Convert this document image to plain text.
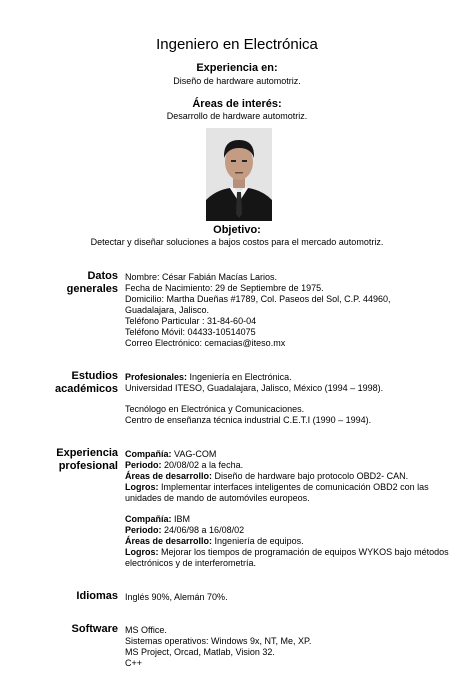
Ingeniero en Electrónica
Experiencia en:
Diseño de hardware automotriz.
Áreas de interés:
Desarrollo de hardware automotriz.
Objetivo:
Detectar y diseñar soluciones a bajos costos para el mercado automotriz.
Datos
generales
Nombre: César Fabián Macías Larios.
Fecha de Nacimiento: 29 de Septiembre de 1975.
Domicilio: Martha Dueñas #1789, Col. Paseos del Sol, C.P. 44960,
Guadalajara, Jalisco.
Teléfono Particular : 31-84-60-04
Teléfono Móvil: 04433-10514075
Correo Electrónico: cemacias@iteso.mx
Estudios
académicos
Profesionales: Ingeniería en Electrónica.
Universidad ITESO, Guadalajara, Jalisco, México (1994 – 1998).
Tecnólogo en Electrónica y Comunicaciones.
Centro de enseñanza técnica industrial C.E.T.I (1990 – 1994).
Experiencia
profesional
Compañía: VAG-COM
Periodo: 20/08/02 a la fecha.
Áreas de desarrollo: Diseño de hardware bajo protocolo OBD2- CAN.
Logros: Implementar interfaces inteligentes de comunicación OBD2 con las unidades de mando de automóviles europeos.
Compañía: IBM
Periodo: 24/06/98 a 16/08/02
Áreas de desarrollo: Ingeniería de equipos.
Logros: Mejorar los tiempos de programación de equipos WYKOS bajo métodos electrónicos y de interferometría.
Idiomas Inglés 90%, Alemán 70%.
Software MS Office.
Sistemas operativos: Windows 9x, NT, Me, XP.
MS Project, Orcad, Matlab, Vision 32.
C++
